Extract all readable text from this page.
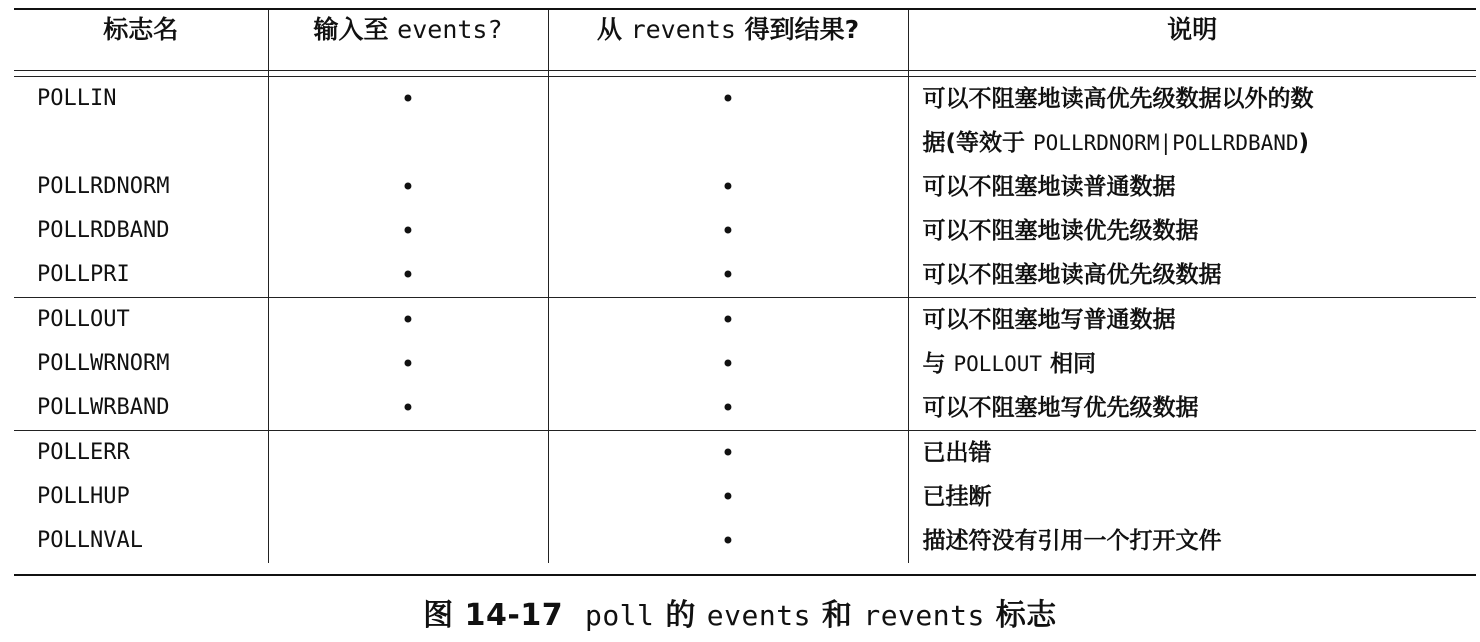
标志名	输入至 events?	从 revents 得到结果?	说明

POLLIN	•	•	可以不阻塞地读高优先级数据以外的数
据(等效于 POLLRDNORM|POLLRDBAND)

POLLRDNORM	•	•	可以不阻塞地读普通数据
POLLRDBAND	•	•	可以不阻塞地读优先级数据
POLLPRI	•	•	可以不阻塞地读高优先级数据
POLLOUT	•	•	可以不阻塞地写普通数据
POLLWRNORM	•	•	与 POLLOUT 相同
POLLWRBAND	•	•	可以不阻塞地写优先级数据
POLLERR		•	已出错
POLLHUP		•	已挂断
POLLNVAL		•	描述符没有引用一个打开文件
图 14-17 poll 的 events 和 revents 标志
